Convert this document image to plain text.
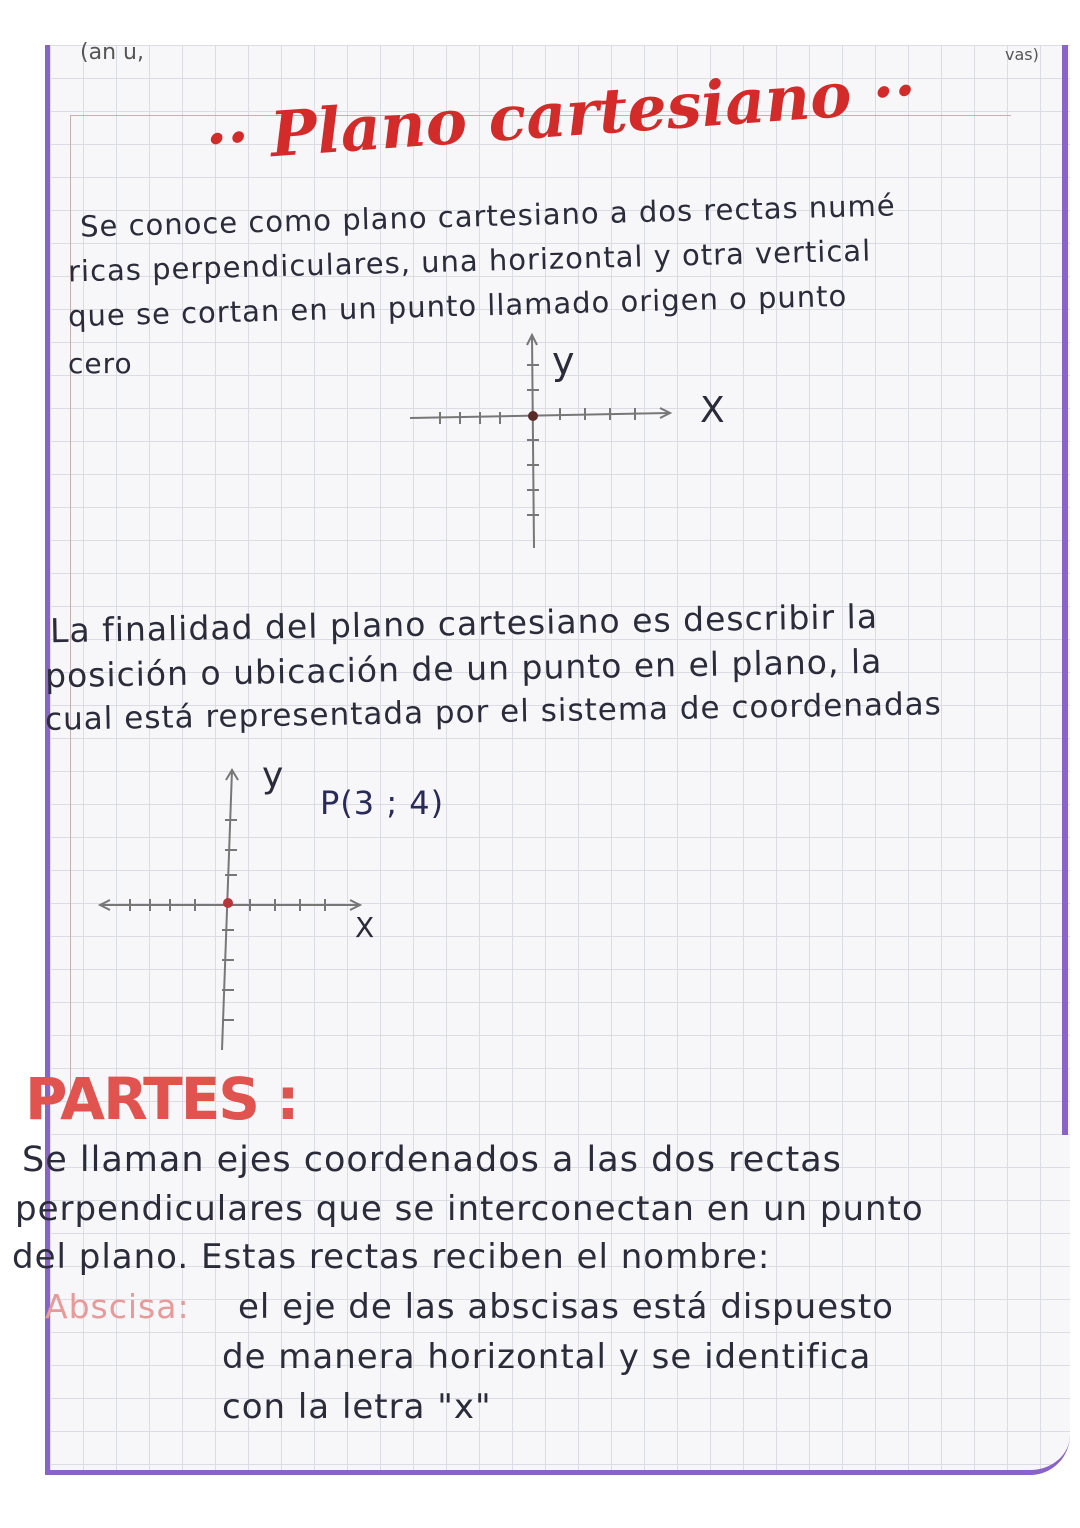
(an u,	vas)
·· Plano cartesiano ··
Se conoce como plano cartesiano a dos rectas numé
ricas perpendiculares, una horizontal y otra vertical
que se cortan en un punto llamado origen o punto
cero	y
X
La finalidad del plano cartesiano es describir la
posición o ubicación de un punto en el plano, la
cual está representada por el sistema de coordenadas
y
P(3 ; 4)
X
PARTES :
Se llaman ejes coordenados a las dos rectas
perpendiculares que se interconectan en un punto
del plano. Estas rectas reciben el nombre:
Abscisa: el eje de las abscisas está dispuesto
de manera horizontal y se identifica
con la letra "x"
